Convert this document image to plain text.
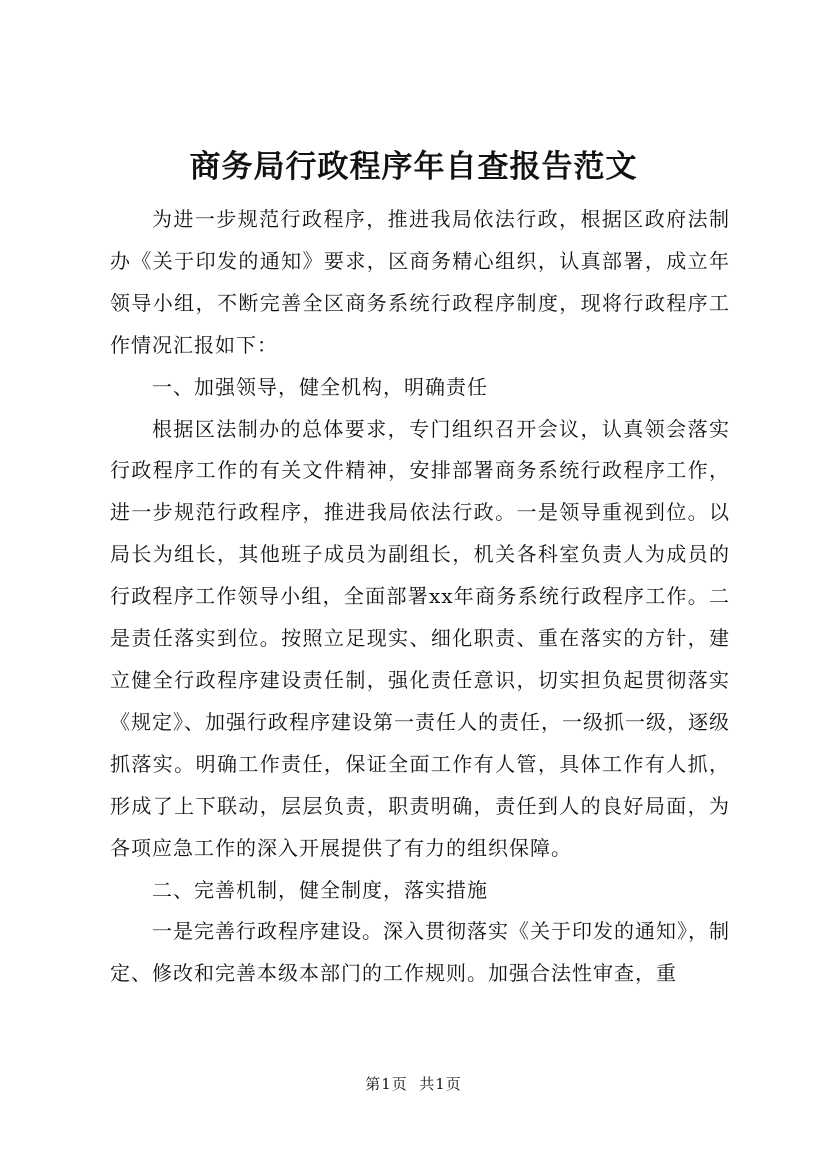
商务局行政程序年自查报告范文

为进一步规范行政程序，推进我局依法行政，根据区政府法制办《关于印发的通知》要求，区商务精心组织，认真部署，成立年领导小组，不断完善全区商务系统行政程序制度，现将行政程序工作情况汇报如下：

一、加强领导，健全机构，明确责任

根据区法制办的总体要求，专门组织召开会议，认真领会落实行政程序工作的有关文件精神，安排部署商务系统行政程序工作，进一步规范行政程序，推进我局依法行政。一是领导重视到位。以局长为组长，其他班子成员为副组长，机关各科室负责人为成员的行政程序工作领导小组，全面部署xx年商务系统行政程序工作。二是责任落实到位。按照立足现实、细化职责、重在落实的方针，建立健全行政程序建设责任制，强化责任意识，切实担负起贯彻落实《规定》、加强行政程序建设第一责任人的责任，一级抓一级，逐级抓落实。明确工作责任，保证全面工作有人管，具体工作有人抓，形成了上下联动，层层负责，职责明确，责任到人的良好局面，为各项应急工作的深入开展提供了有力的组织保障。

二、完善机制，健全制度，落实措施

一是完善行政程序建设。深入贯彻落实《关于印发的通知》，制定、修改和完善本级本部门的工作规则。加强合法性审查，重

第1页  共1页
